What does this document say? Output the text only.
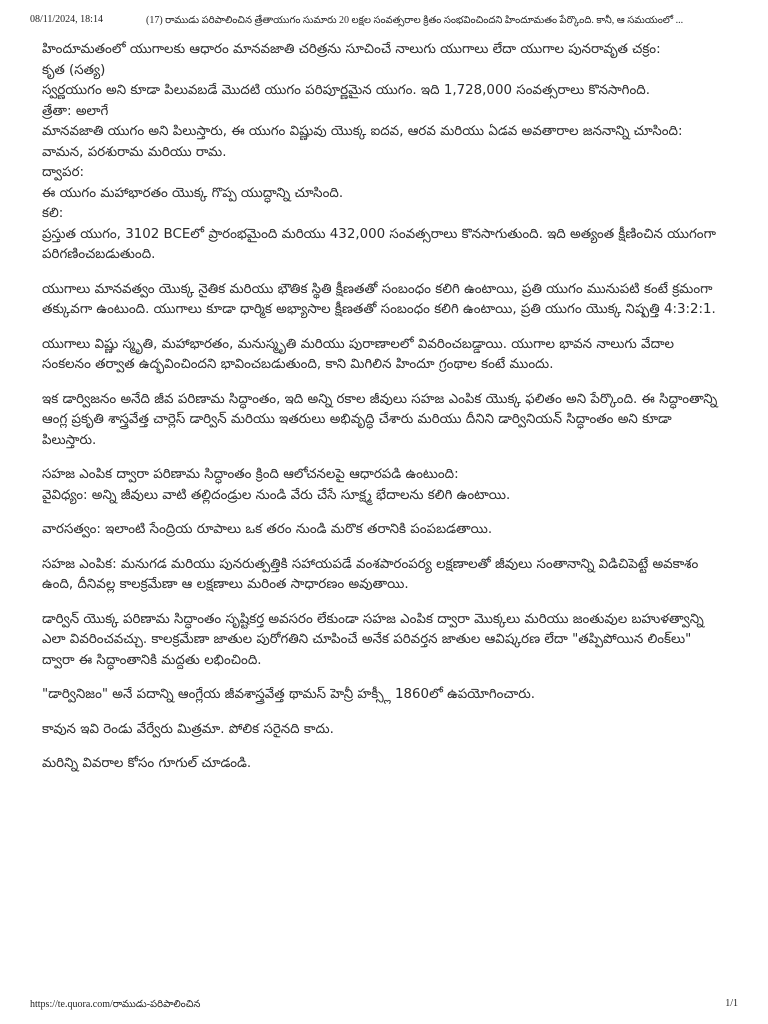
08/11/2024, 18:14	(17) రాముడు పరిపాలించిన త్రేతాయుగం సుమారు 20 లక్షల సంవత్సరాల క్రితం సంభవించిందని హిందూమతం పేర్కొంది. కానీ, ఆ సమయంలో ...

హిందూమతంలో యుగాలకు ఆధారం మానవజాతి చరిత్రను సూచించే నాలుగు యుగాలు లేదా యుగాల పునరావృత చక్రం:

కృత (సత్య)

స్వర్ణయుగం అని కూడా పిలువబడే మొదటి యుగం పరిపూర్ణమైన యుగం. ఇది 1,728,000 సంవత్సరాలు కొనసాగింది.

త్రేతా: అలాగే

మానవజాతి యుగం అని పిలుస్తారు, ఈ యుగం విష్ణువు యొక్క ఐదవ, ఆరవ మరియు ఏడవ అవతారాల జననాన్ని చూసింది: వామన, పరశురామ మరియు రామ.

ద్వాపర:

ఈ యుగం మహాభారతం యొక్క గొప్ప యుద్ధాన్ని చూసింది.

కలి:

ప్రస్తుత యుగం, 3102 BCEలో ప్రారంభమైంది మరియు 432,000 సంవత్సరాలు కొనసాగుతుంది. ఇది అత్యంత క్షీణించిన యుగంగా పరిగణించబడుతుంది.

యుగాలు మానవత్వం యొక్క నైతిక మరియు భౌతిక స్థితి క్షీణతతో సంబంధం కలిగి ఉంటాయి, ప్రతి యుగం మునుపటి కంటే క్రమంగా తక్కువగా ఉంటుంది. యుగాలు కూడా ధార్మిక అభ్యాసాల క్షీణతతో సంబంధం కలిగి ఉంటాయి, ప్రతి యుగం యొక్క నిష్పత్తి 4:3:2:1.

యుగాలు విష్ణు స్మృతి, మహాభారతం, మనుస్మృతి మరియు పురాణాలలో వివరించబడ్డాయి. యుగాల భావన నాలుగు వేదాల సంకలనం తర్వాత ఉద్భవించిందని భావించబడుతుంది, కాని మిగిలిన హిందూ గ్రంథాల కంటే ముందు.

ఇక డార్విజనం అనేది జీవ పరిణామ సిద్ధాంతం, ఇది అన్ని రకాల జీవులు సహజ ఎంపిక యొక్క ఫలితం అని పేర్కొంది. ఈ సిద్ధాంతాన్ని ఆంగ్ల ప్రకృతి శాస్త్రవేత్త చార్లెస్ డార్విన్ మరియు ఇతరులు అభివృద్ధి చేశారు మరియు దీనిని డార్వినియన్ సిద్ధాంతం అని కూడా పిలుస్తారు.

సహజ ఎంపిక ద్వారా పరిణామ సిద్ధాంతం క్రింది ఆలోచనలపై ఆధారపడి ఉంటుంది:

వైవిధ్యం: అన్ని జీవులు వాటి తల్లిదండ్రుల నుండి వేరు చేసే సూక్ష్మ భేదాలను కలిగి ఉంటాయి.

వారసత్వం: ఇలాంటి సేంద్రియ రూపాలు ఒక తరం నుండి మరొక తరానికి పంపబడతాయి.

సహజ ఎంపిక: మనుగడ మరియు పునరుత్పత్తికి సహాయపడే వంశపారంపర్య లక్షణాలతో జీవులు సంతానాన్ని విడిచిపెట్టే అవకాశం ఉంది, దీనివల్ల కాలక్రమేణా ఆ లక్షణాలు మరింత సాధారణం అవుతాయి.

డార్విన్ యొక్క పరిణామ సిద్ధాంతం సృష్టికర్త అవసరం లేకుండా సహజ ఎంపిక ద్వారా మొక్కలు మరియు జంతువుల బహుళత్వాన్ని ఎలా వివరించవచ్చు. కాలక్రమేణా జాతుల పురోగతిని చూపించే అనేక పరివర్తన జాతుల ఆవిష్కరణ లేదా "తప్పిపోయిన లింక్‌లు" ద్వారా ఈ సిద్ధాంతానికి మద్దతు లభించింది.

"డార్వినిజం" అనే పదాన్ని ఆంగ్లేయ జీవశాస్త్రవేత్త థామస్ హెన్రీ హక్స్లీ 1860లో ఉపయోగించారు.

కావున ఇవి రెండు వేర్వేరు మిత్రమా. పోలిక సరైనది కాదు.

మరిన్ని వివరాల కోసం గూగుల్ చూడండి.

https://te.quora.com/రాముడు-పరిపాలించిన	1/1
